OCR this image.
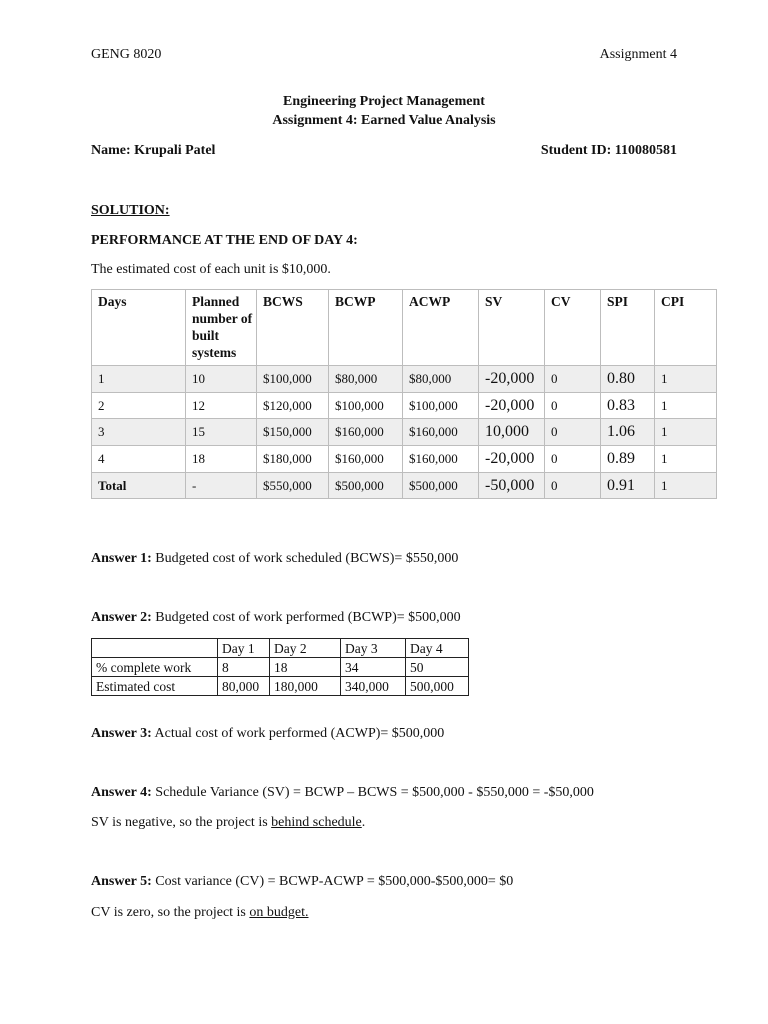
GENG 8020	Assignment 4
Engineering Project Management
Assignment 4: Earned Value Analysis
Name: Krupali Patel	Student ID: 110080581
SOLUTION:
PERFORMANCE AT THE END OF DAY 4:
The estimated cost of each unit is $10,000.
Days	Planned number of built systems	BCWS	BCWP	ACWP	SV	CV	SPI	CPI
1	10	$100,000	$80,000	$80,000	-20,000	0	0.80	1
2	12	$120,000	$100,000	$100,000	-20,000	0	0.83	1
3	15	$150,000	$160,000	$160,000	10,000	0	1.06	1
4	18	$180,000	$160,000	$160,000	-20,000	0	0.89	1
Total	-	$550,000	$500,000	$500,000	-50,000	0	0.91	1
Answer 1: Budgeted cost of work scheduled (BCWS)= $550,000
Answer 2: Budgeted cost of work performed (BCWP)= $500,000
	Day 1	Day 2	Day 3	Day 4
% complete work	8	18	34	50
Estimated cost	80,000	180,000	340,000	500,000
Answer 3: Actual cost of work performed (ACWP)= $500,000
Answer 4: Schedule Variance (SV) = BCWP – BCWS = $500,000 - $550,000 = -$50,000
SV is negative, so the project is behind schedule.
Answer 5: Cost variance (CV) = BCWP-ACWP = $500,000-$500,000= $0
CV is zero, so the project is on budget.
